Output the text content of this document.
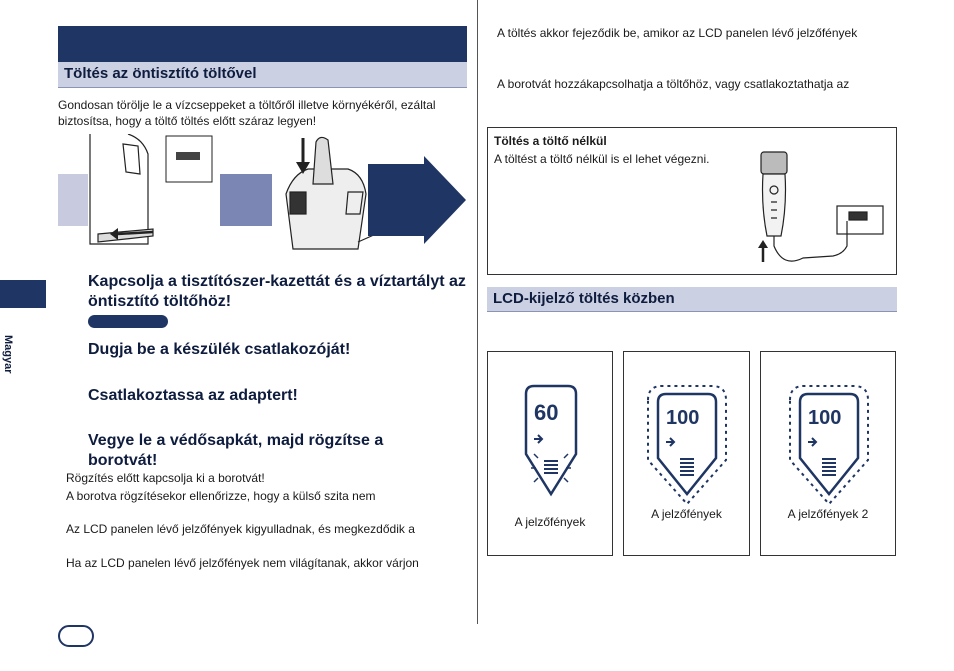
Töltés az öntisztító töltővel
Gondosan törölje le a vízcseppeket a töltőről illetve környékéről, ezáltal biztosítsa, hogy a töltő töltés előtt száraz legyen!
Kapcsolja a tisztítószer-kazettát és a víztartályt az öntisztító töltőhöz!
Dugja be a készülék csatlakozóját!
Csatlakoztassa az adaptert!
Vegye le a védősapkát, majd rögzítse a borotvát!
Rögzítés előtt kapcsolja ki a borotvát!
A borotva rögzítésekor ellenőrizze, hogy a külső szita nem
Az LCD panelen lévő jelzőfények kigyulladnak, és megkezdődik a
Ha az LCD panelen lévő jelzőfények nem világítanak, akkor várjon
Magyar
A töltés akkor fejeződik be, amikor az LCD panelen lévő jelzőfények
A borotvát hozzákapcsolhatja a töltőhöz, vagy csatlakoztathatja az
Töltés a töltő nélkül
A töltést a töltő nélkül is el lehet végezni.
LCD-kijelző töltés közben
60
A jelzőfények
100
A jelzőfények
100
A jelzőfények 2
